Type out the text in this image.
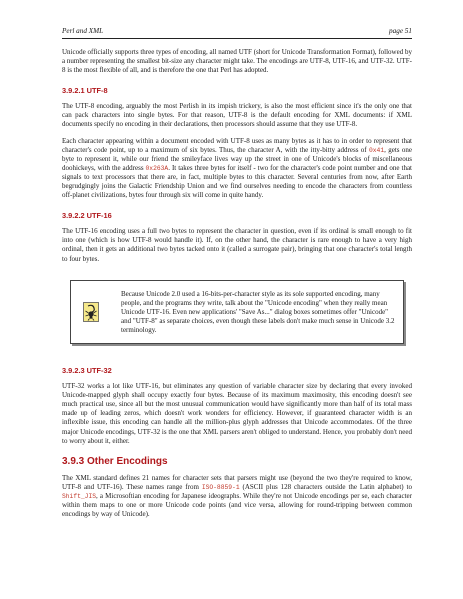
Perl and XML	page 51

Unicode officially supports three types of encoding, all named UTF (short for Unicode Transformation Format), followed by a number representing the smallest bit-size any character might take. The encodings are UTF-8, UTF-16, and UTF-32. UTF-8 is the most flexible of all, and is therefore the one that Perl has adopted.

3.9.2.1 UTF-8

The UTF-8 encoding, arguably the most Perlish in its impish trickery, is also the most efficient since it's the only one that can pack characters into single bytes. For that reason, UTF-8 is the default encoding for XML documents: if XML documents specify no encoding in their declarations, then processors should assume that they use UTF-8.

Each character appearing within a document encoded with UTF-8 uses as many bytes as it has to in order to represent that character's code point, up to a maximum of six bytes. Thus, the character A, with the itty-bitty address of 0x41, gets one byte to represent it, while our friend the smileyface lives way up the street in one of Unicode's blocks of miscellaneous doohickeys, with the address 0x263A. It takes three bytes for itself - two for the character's code point number and one that signals to text processors that there are, in fact, multiple bytes to this character. Several centuries from now, after Earth begrudgingly joins the Galactic Friendship Union and we find ourselves needing to encode the characters from countless off-planet civilizations, bytes four through six will come in quite handy.

3.9.2.2 UTF-16

The UTF-16 encoding uses a full two bytes to represent the character in question, even if its ordinal is small enough to fit into one (which is how UTF-8 would handle it). If, on the other hand, the character is rare enough to have a very high ordinal, then it gets an additional two bytes tacked onto it (called a surrogate pair), bringing that one character's total length to four bytes.

Because Unicode 2.0 used a 16-bits-per-character style as its sole supported encoding, many people, and the programs they write, talk about the "Unicode encoding" when they really mean Unicode UTF-16. Even new applications' "Save As..." dialog boxes sometimes offer "Unicode" and "UTF-8" as separate choices, even though these labels don't make much sense in Unicode 3.2 terminology.

3.9.2.3 UTF-32

UTF-32 works a lot like UTF-16, but eliminates any question of variable character size by declaring that every invoked Unicode-mapped glyph shall occupy exactly four bytes. Because of its maximum maximosity, this encoding doesn't see much practical use, since all but the most unusual communication would have significantly more than half of its total mass made up of leading zeros, which doesn't work wonders for efficiency. However, if guaranteed character width is an inflexible issue, this encoding can handle all the million-plus glyph addresses that Unicode accommodates. Of the three major Unicode encodings, UTF-32 is the one that XML parsers aren't obliged to understand. Hence, you probably don't need to worry about it, either.

3.9.3 Other Encodings

The XML standard defines 21 names for character sets that parsers might use (beyond the two they're required to know, UTF-8 and UTF-16). These names range from ISO-8859-1 (ASCII plus 128 characters outside the Latin alphabet) to Shift_JIS, a Microsoftian encoding for Japanese ideographs. While they're not Unicode encodings per se, each character within them maps to one or more Unicode code points (and vice versa, allowing for round-tripping between common encodings by way of Unicode).
